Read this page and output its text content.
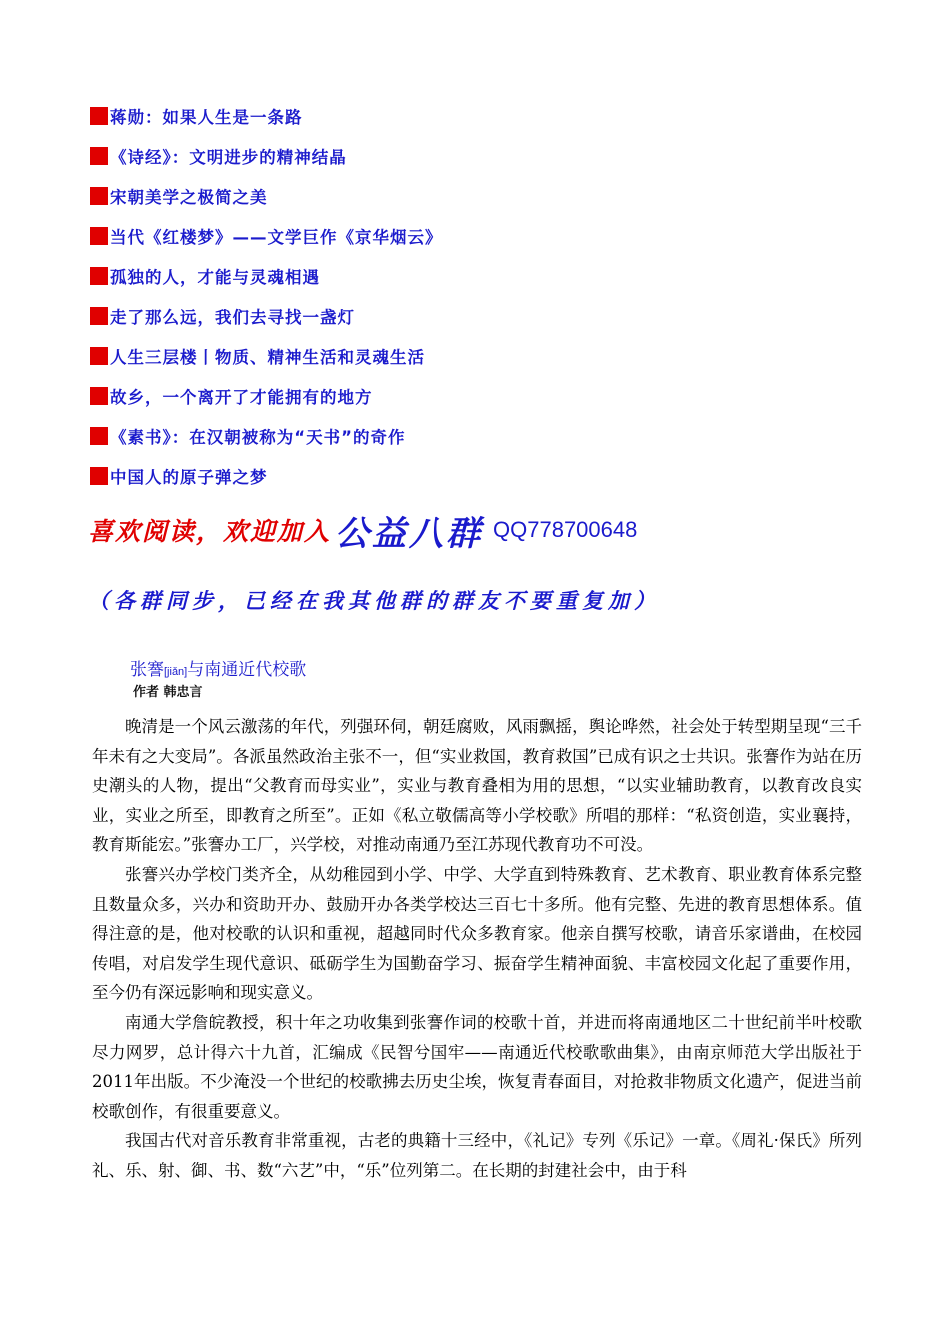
蒋勋：如果人生是一条路
《诗经》：文明进步的精神结晶
宋朝美学之极简之美
当代《红楼梦》——文学巨作《京华烟云》
孤独的人，才能与灵魂相遇
走了那么远，我们去寻找一盏灯
人生三层楼丨物质、精神生活和灵魂生活
故乡，一个离开了才能拥有的地方
《素书》：在汉朝被称为“天书”的奇作
中国人的原子弹之梦
喜欢阅读，欢迎加入 公益八群 QQ778700648
（各群同步，已经在我其他群的群友不要重复加）
张謇[jiǎn]与南通近代校歌
作者 韩忠言

晚清是一个风云激荡的年代，列强环伺，朝廷腐败，风雨飘摇，舆论哗然，社会处于转型期呈现“三千年未有之大变局”。各派虽然政治主张不一，但“实业救国，教育救国”已成有识之士共识。张謇作为站在历史潮头的人物，提出“父教育而母实业”，实业与教育叠相为用的思想，“以实业辅助教育，以教育改良实业，实业之所至，即教育之所至”。正如《私立敬儒高等小学校歌》所唱的那样：“私资创造，实业襄持，教育斯能宏。”张謇办工厂，兴学校，对推动南通乃至江苏现代教育功不可没。

张謇兴办学校门类齐全，从幼稚园到小学、中学、大学直到特殊教育、艺术教育、职业教育体系完整且数量众多，兴办和资助开办、鼓励开办各类学校达三百七十多所。他有完整、先进的教育思想体系。值得注意的是，他对校歌的认识和重视，超越同时代众多教育家。他亲自撰写校歌，请音乐家谱曲，在校园传唱，对启发学生现代意识、砥砺学生为国勤奋学习、振奋学生精神面貌、丰富校园文化起了重要作用，至今仍有深远影响和现实意义。

南通大学詹皖教授，积十年之功收集到张謇作词的校歌十首，并进而将南通地区二十世纪前半叶校歌尽力网罗，总计得六十九首，汇编成《民智兮国牢——南通近代校歌歌曲集》，由南京师范大学出版社于2011年出版。不少淹没一个世纪的校歌拂去历史尘埃，恢复青春面目，对抢救非物质文化遗产，促进当前校歌创作，有很重要意义。

我国古代对音乐教育非常重视，古老的典籍十三经中，《礼记》专列《乐记》一章。《周礼·保氏》所列礼、乐、射、御、书、数“六艺”中，“乐”位列第二。在长期的封建社会中，由于科
